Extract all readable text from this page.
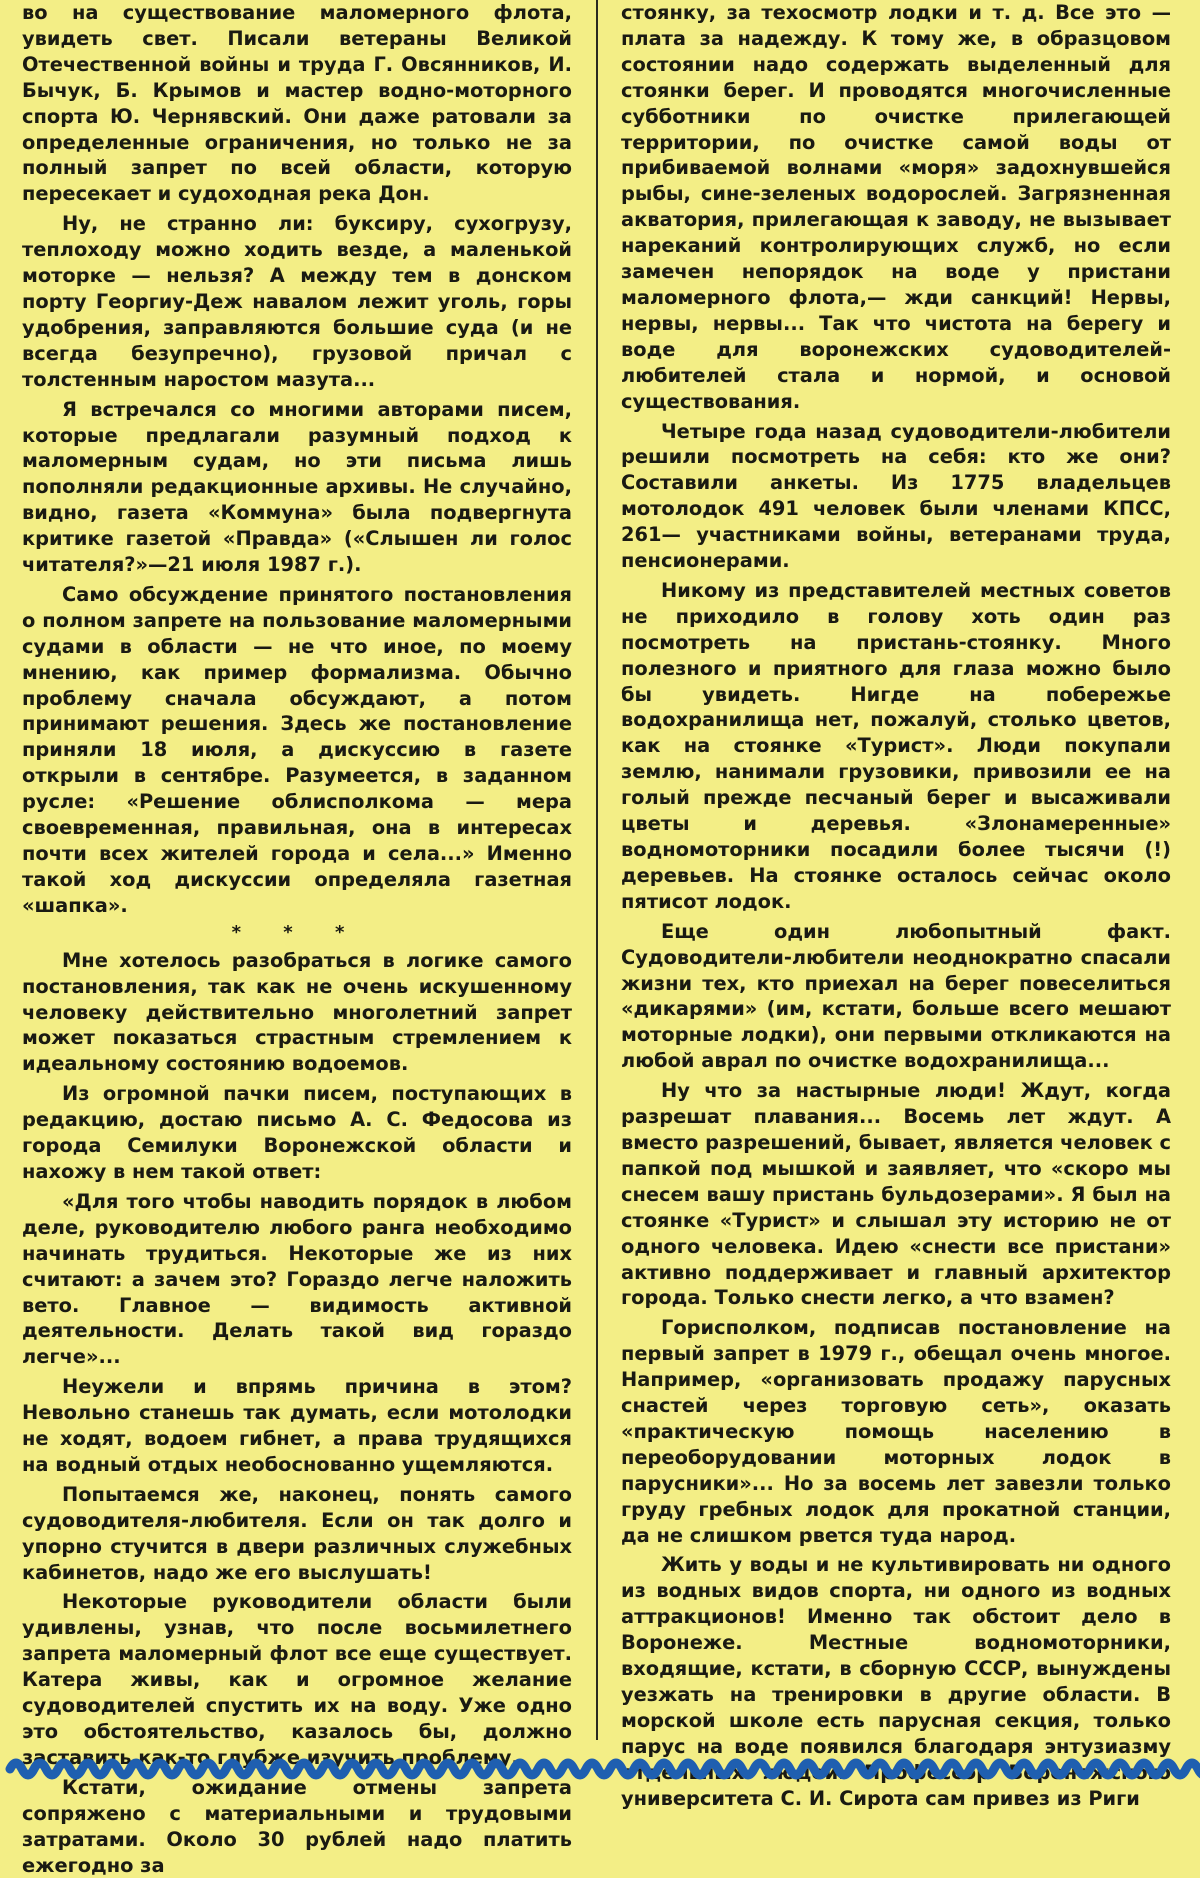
во на существование маломерного флота, увидеть свет. Писали ветераны Великой Отечественной войны и труда Г. Овсянников, И. Бычук, Б. Крымов и мастер водно-моторного спорта Ю. Чернявский. Они даже ратовали за определенные ограничения, но только не за полный запрет по всей области, которую пересекает и судоходная река Дон.

Ну, не странно ли: буксиру, сухогрузу, теплоходу можно ходить везде, а маленькой моторке — нельзя? А между тем в донском порту Георгиу-Деж навалом лежит уголь, горы удобрения, заправляются большие суда (и не всегда безупречно), грузовой причал с толстенным наростом мазута...

Я встречался со многими авторами писем, которые предлагали разумный подход к маломерным судам, но эти письма лишь пополняли редакционные архивы. Не случайно, видно, газета «Коммуна» была подвергнута критике газетой «Правда» («Слышен ли голос читателя?»—21 июля 1987 г.).

Само обсуждение принятого постановления о полном запрете на пользование маломерными судами в области — не что иное, по моему мнению, как пример формализма. Обычно проблему сначала обсуждают, а потом принимают решения. Здесь же постановление приняли 18 июля, а дискуссию в газете открыли в сентябре. Разумеется, в заданном русле: «Решение облисполкома — мера своевременная, правильная, она в интересах почти всех жителей города и села...» Именно такой ход дискуссии определяла газетная «шапка».

* * *

Мне хотелось разобраться в логике самого постановления, так как не очень искушенному человеку действительно многолетний запрет может показаться страстным стремлением к идеальному состоянию водоемов.

Из огромной пачки писем, поступающих в редакцию, достаю письмо А. С. Федосова из города Семилуки Воронежской области и нахожу в нем такой ответ:

«Для того чтобы наводить порядок в любом деле, руководителю любого ранга необходимо начинать трудиться. Некоторые же из них считают: а зачем это? Гораздо легче наложить вето. Главное — видимость активной деятельности. Делать такой вид гораздо легче»...

Неужели и впрямь причина в этом? Невольно станешь так думать, если мотолодки не ходят, водоем гибнет, а права трудящихся на водный отдых необоснованно ущемляются.

Попытаемся же, наконец, понять самого судоводителя-любителя. Если он так долго и упорно стучится в двери различных служебных кабинетов, надо же его выслушать!

Некоторые руководители области были удивлены, узнав, что после восьмилетнего запрета маломерный флот все еще существует. Катера живы, как и огромное желание судоводителей спустить их на воду. Уже одно это обстоятельство, казалось бы, должно заставить как-то глубже изучить проблему.

Кстати, ожидание отмены запрета сопряжено с материальными и трудовыми затратами. Около 30 рублей надо платить ежегодно за

стоянку, за техосмотр лодки и т. д. Все это — плата за надежду. К тому же, в образцовом состоянии надо содержать выделенный для стоянки берег. И проводятся многочисленные субботники по очистке прилегающей территории, по очистке самой воды от прибиваемой волнами «моря» задохнувшейся рыбы, сине-зеленых водорослей. Загрязненная акватория, прилегающая к заводу, не вызывает нареканий контролирующих служб, но если замечен непорядок на воде у пристани маломерного флота,— жди санкций! Нервы, нервы, нервы... Так что чистота на берегу и воде для воронежских судоводителей-любителей стала и нормой, и основой существования.

Четыре года назад судоводители-любители решили посмотреть на себя: кто же они? Составили анкеты. Из 1775 владельцев мотолодок 491 человек были членами КПСС, 261— участниками войны, ветеранами труда, пенсионерами.

Никому из представителей местных советов не приходило в голову хоть один раз посмотреть на пристань-стоянку. Много полезного и приятного для глаза можно было бы увидеть. Нигде на побережье водохранилища нет, пожалуй, столько цветов, как на стоянке «Турист». Люди покупали землю, нанимали грузовики, привозили ее на голый прежде песчаный берег и высаживали цветы и деревья. «Злонамеренные» водномоторники посадили более тысячи (!) деревьев. На стоянке осталось сейчас около пятисот лодок.

Еще один любопытный факт. Судоводители-любители неоднократно спасали жизни тех, кто приехал на берег повеселиться «дикарями» (им, кстати, больше всего мешают моторные лодки), они первыми откликаются на любой аврал по очистке водохранилища...

Ну что за настырные люди! Ждут, когда разрешат плавания... Восемь лет ждут. А вместо разрешений, бывает, является человек с папкой под мышкой и заявляет, что «скоро мы снесем вашу пристань бульдозерами». Я был на стоянке «Турист» и слышал эту историю не от одного человека. Идею «снести все пристани» активно поддерживает и главный архитектор города. Только снести легко, а что взамен?

Горисполком, подписав постановление на первый запрет в 1979 г., обещал очень многое. Например, «организовать продажу парусных снастей через торговую сеть», оказать «практическую помощь населению в переоборудовании моторных лодок в парусники»... Но за восемь лет завезли только груду гребных лодок для прокатной станции, да не слишком рвется туда народ.

Жить у воды и не культивировать ни одного из водных видов спорта, ни одного из водных аттракционов! Именно так обстоит дело в Воронеже. Местные водномоторники, входящие, кстати, в сборную СССР, вынуждены уезжать на тренировки в другие области. В морской школе есть парусная секция, только парус на воде появился благодаря энтузиазму отдельных людей. Профессор Воронежского университета С. И. Сирота сам привез из Риги
